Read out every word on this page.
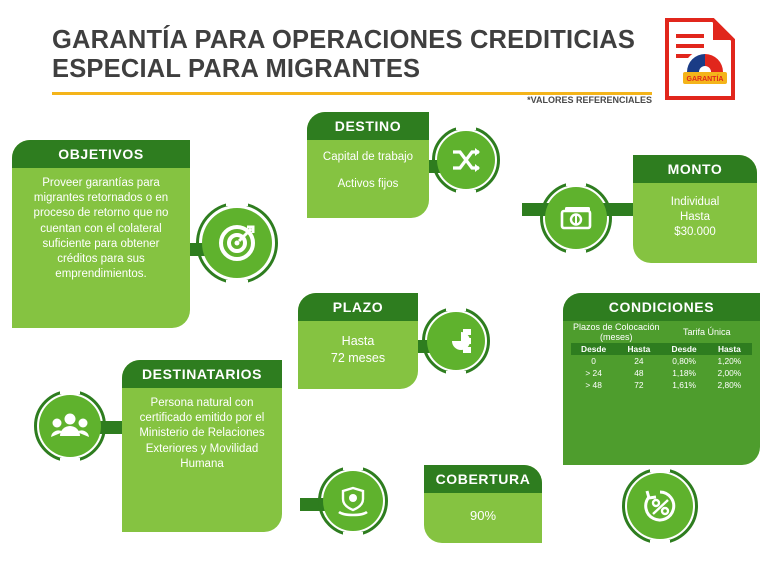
GARANTÍA PARA OPERACIONES CREDITICIAS
ESPECIAL PARA MIGRANTES
*VALORES REFERENCIALES
GARANTÍA
OBJETIVOS
Proveer garantías para migrantes retornados o en proceso de retorno que no cuentan con el colateral suficiente para obtener créditos para sus emprendimientos.
DESTINO
Capital de trabajo
Activos fijos
MONTO
Individual
Hasta
$30.000
PLAZO
Hasta
72 meses
DESTINATARIOS
Persona natural con certificado emitido por el Ministerio de Relaciones Exteriores y Movilidad Humana
COBERTURA
90%
CONDICIONES
Plazos de Colocación (meses)		Tarifa Única	
Desde	Hasta	Desde	Hasta
0	24	0,80%	1,20%
> 24	48	1,18%	2,00%
> 48	72	1,61%	2,80%
